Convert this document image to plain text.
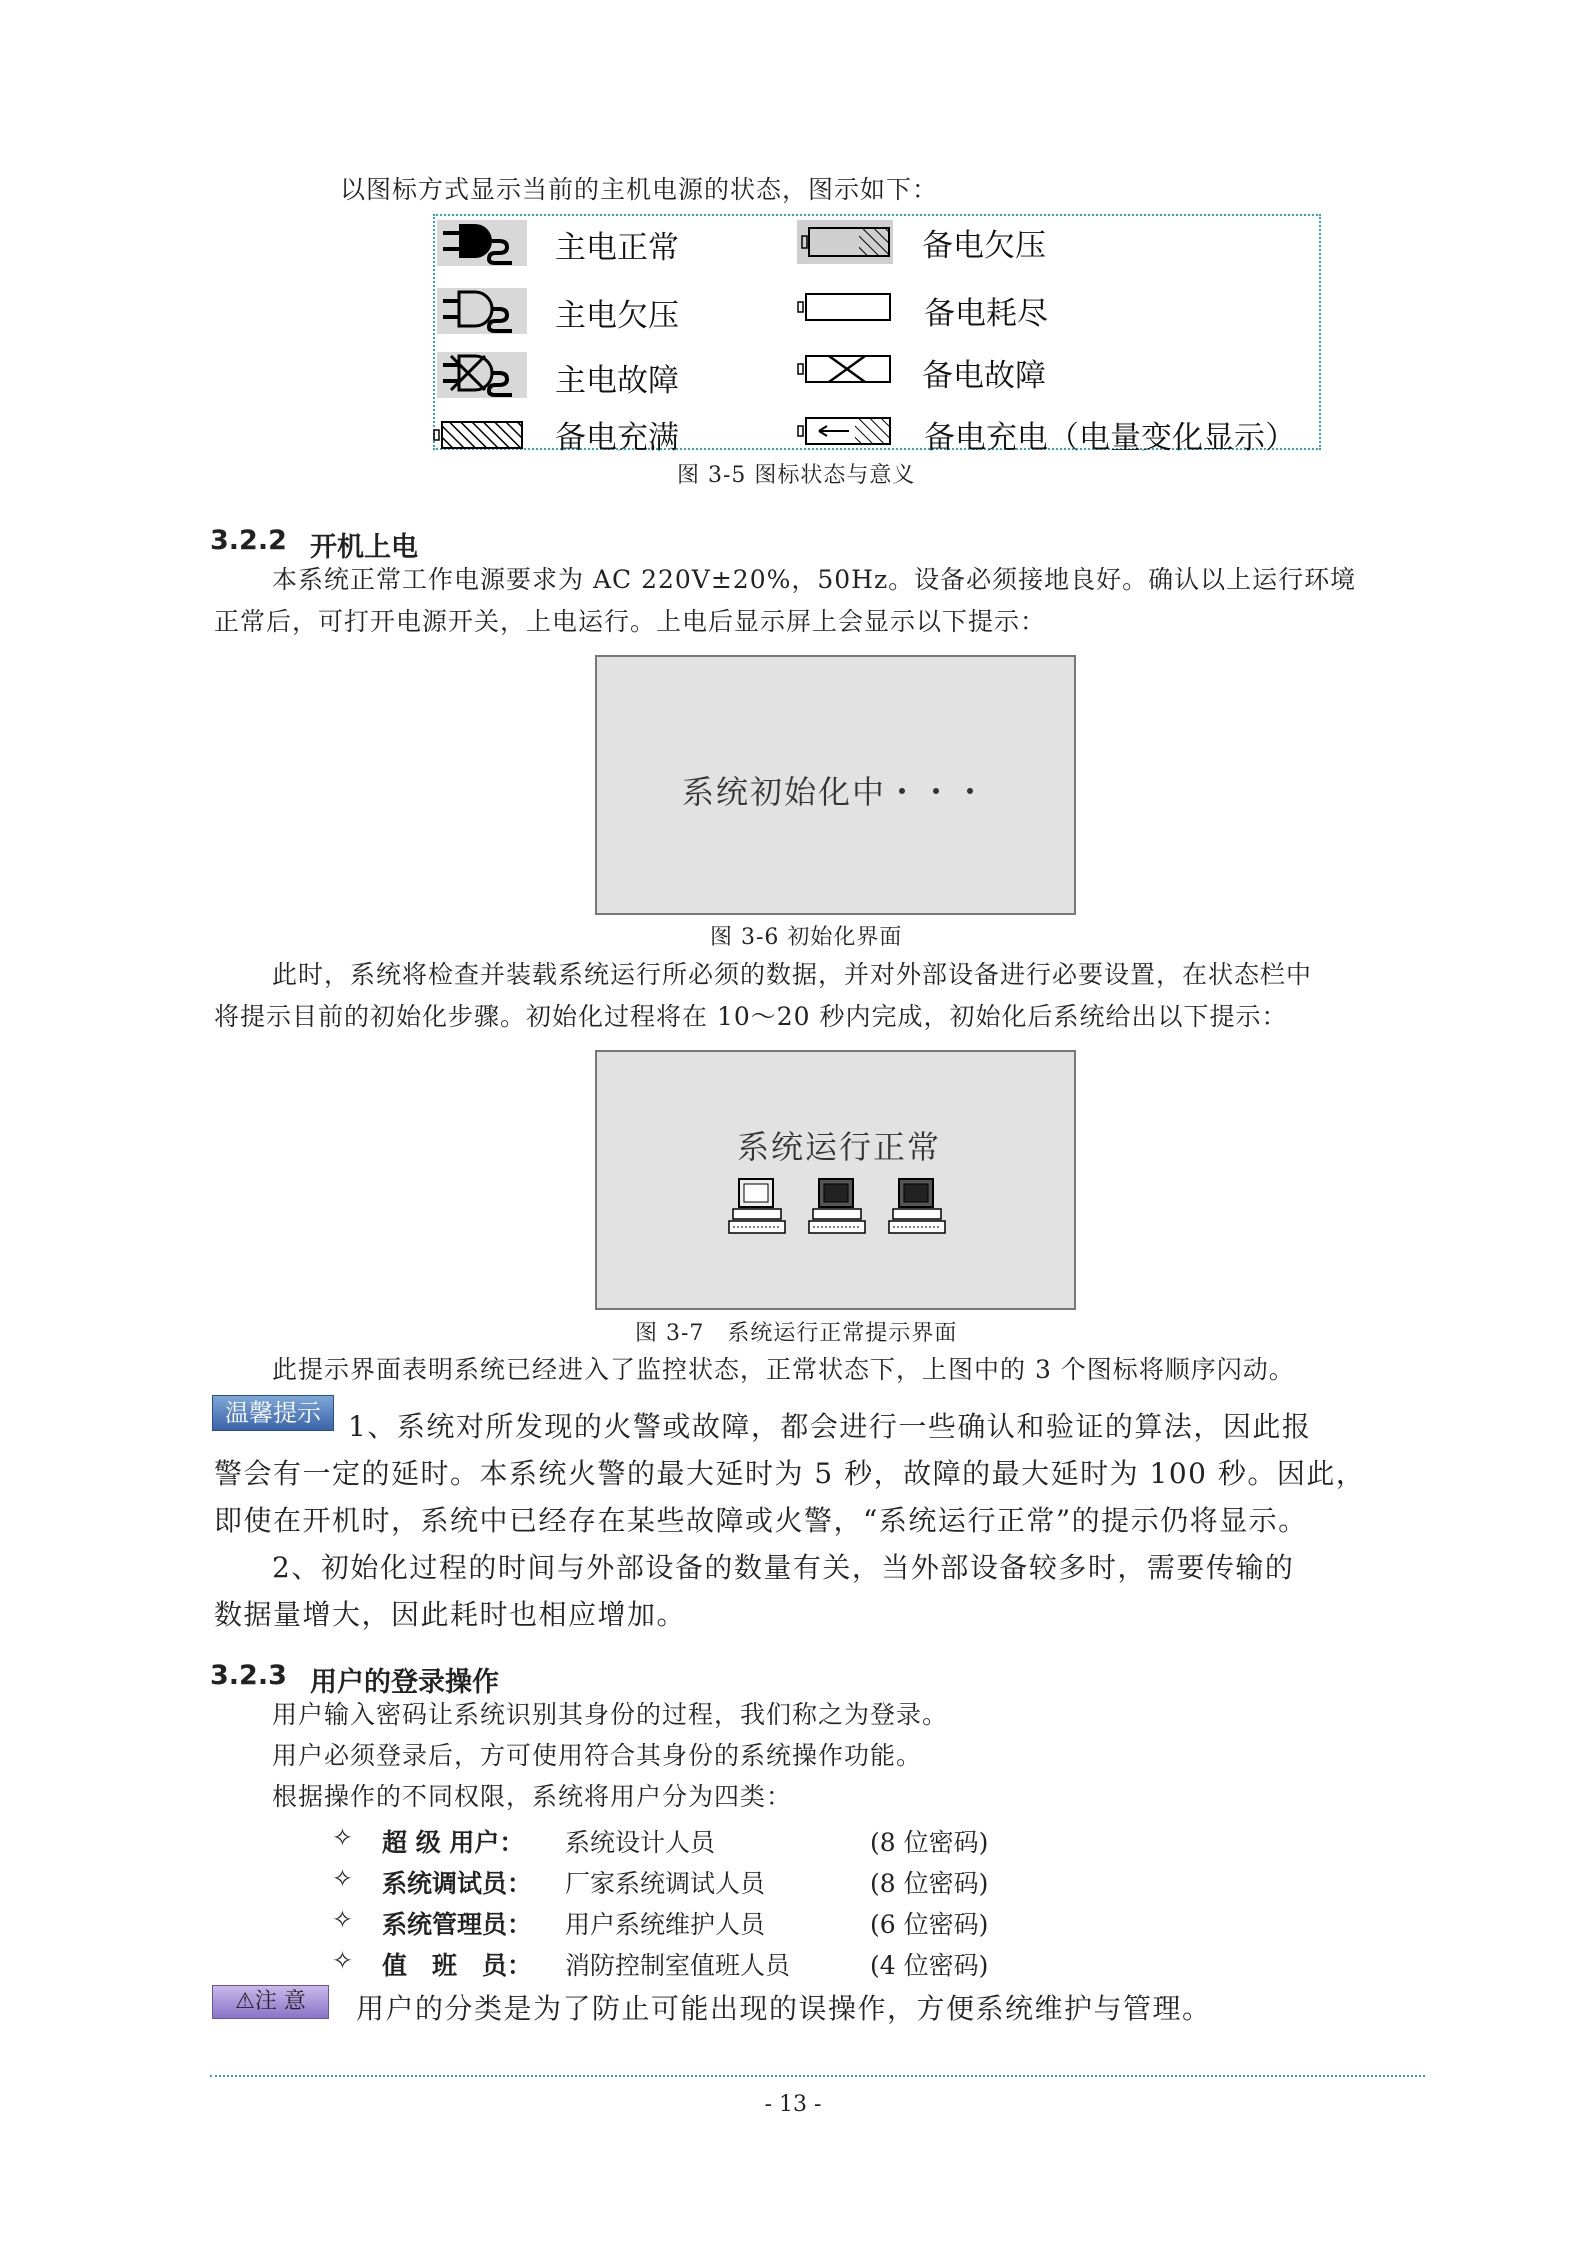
以图标方式显示当前的主机电源的状态，图示如下：
主电正常
主电欠压
主电故障
备电充满
备电欠压
备电耗尽
备电故障
备电充电（电量变化显示）
图 3-5 图标状态与意义
3.2.2 开机上电
本系统正常工作电源要求为 AC 220V±20%，50Hz。设备必须接地良好。确认以上运行环境
正常后，可打开电源开关，上电运行。上电后显示屏上会显示以下提示：
系统初始化中・・・
图 3-6 初始化界面
此时，系统将检查并装载系统运行所必须的数据，并对外部设备进行必要设置，在状态栏中
将提示目前的初始化步骤。初始化过程将在 10～20 秒内完成，初始化后系统给出以下提示：
系统运行正常
图 3-7　系统运行正常提示界面
此提示界面表明系统已经进入了监控状态，正常状态下，上图中的 3 个图标将顺序闪动。
温馨提示 1、系统对所发现的火警或故障，都会进行一些确认和验证的算法，因此报
警会有一定的延时。本系统火警的最大延时为 5 秒，故障的最大延时为 100 秒。因此，
即使在开机时，系统中已经存在某些故障或火警，“系统运行正常”的提示仍将显示。
2、初始化过程的时间与外部设备的数量有关，当外部设备较多时，需要传输的
数据量增大，因此耗时也相应增加。
3.2.3 用户的登录操作
用户输入密码让系统识别其身份的过程，我们称之为登录。
用户必须登录后，方可使用符合其身份的系统操作功能。
根据操作的不同权限，系统将用户分为四类：
✧ 超 级 用户： 系统设计人员	(8 位密码)
✧ 系统调试员： 厂家系统调试人员	(8 位密码)
✧ 系统管理员： 用户系统维护人员	(6 位密码)
✧ 值　班　员： 消防控制室值班人员	(4 位密码)
⚠注 意	用户的分类是为了防止可能出现的误操作，方便系统维护与管理。
- 13 -
